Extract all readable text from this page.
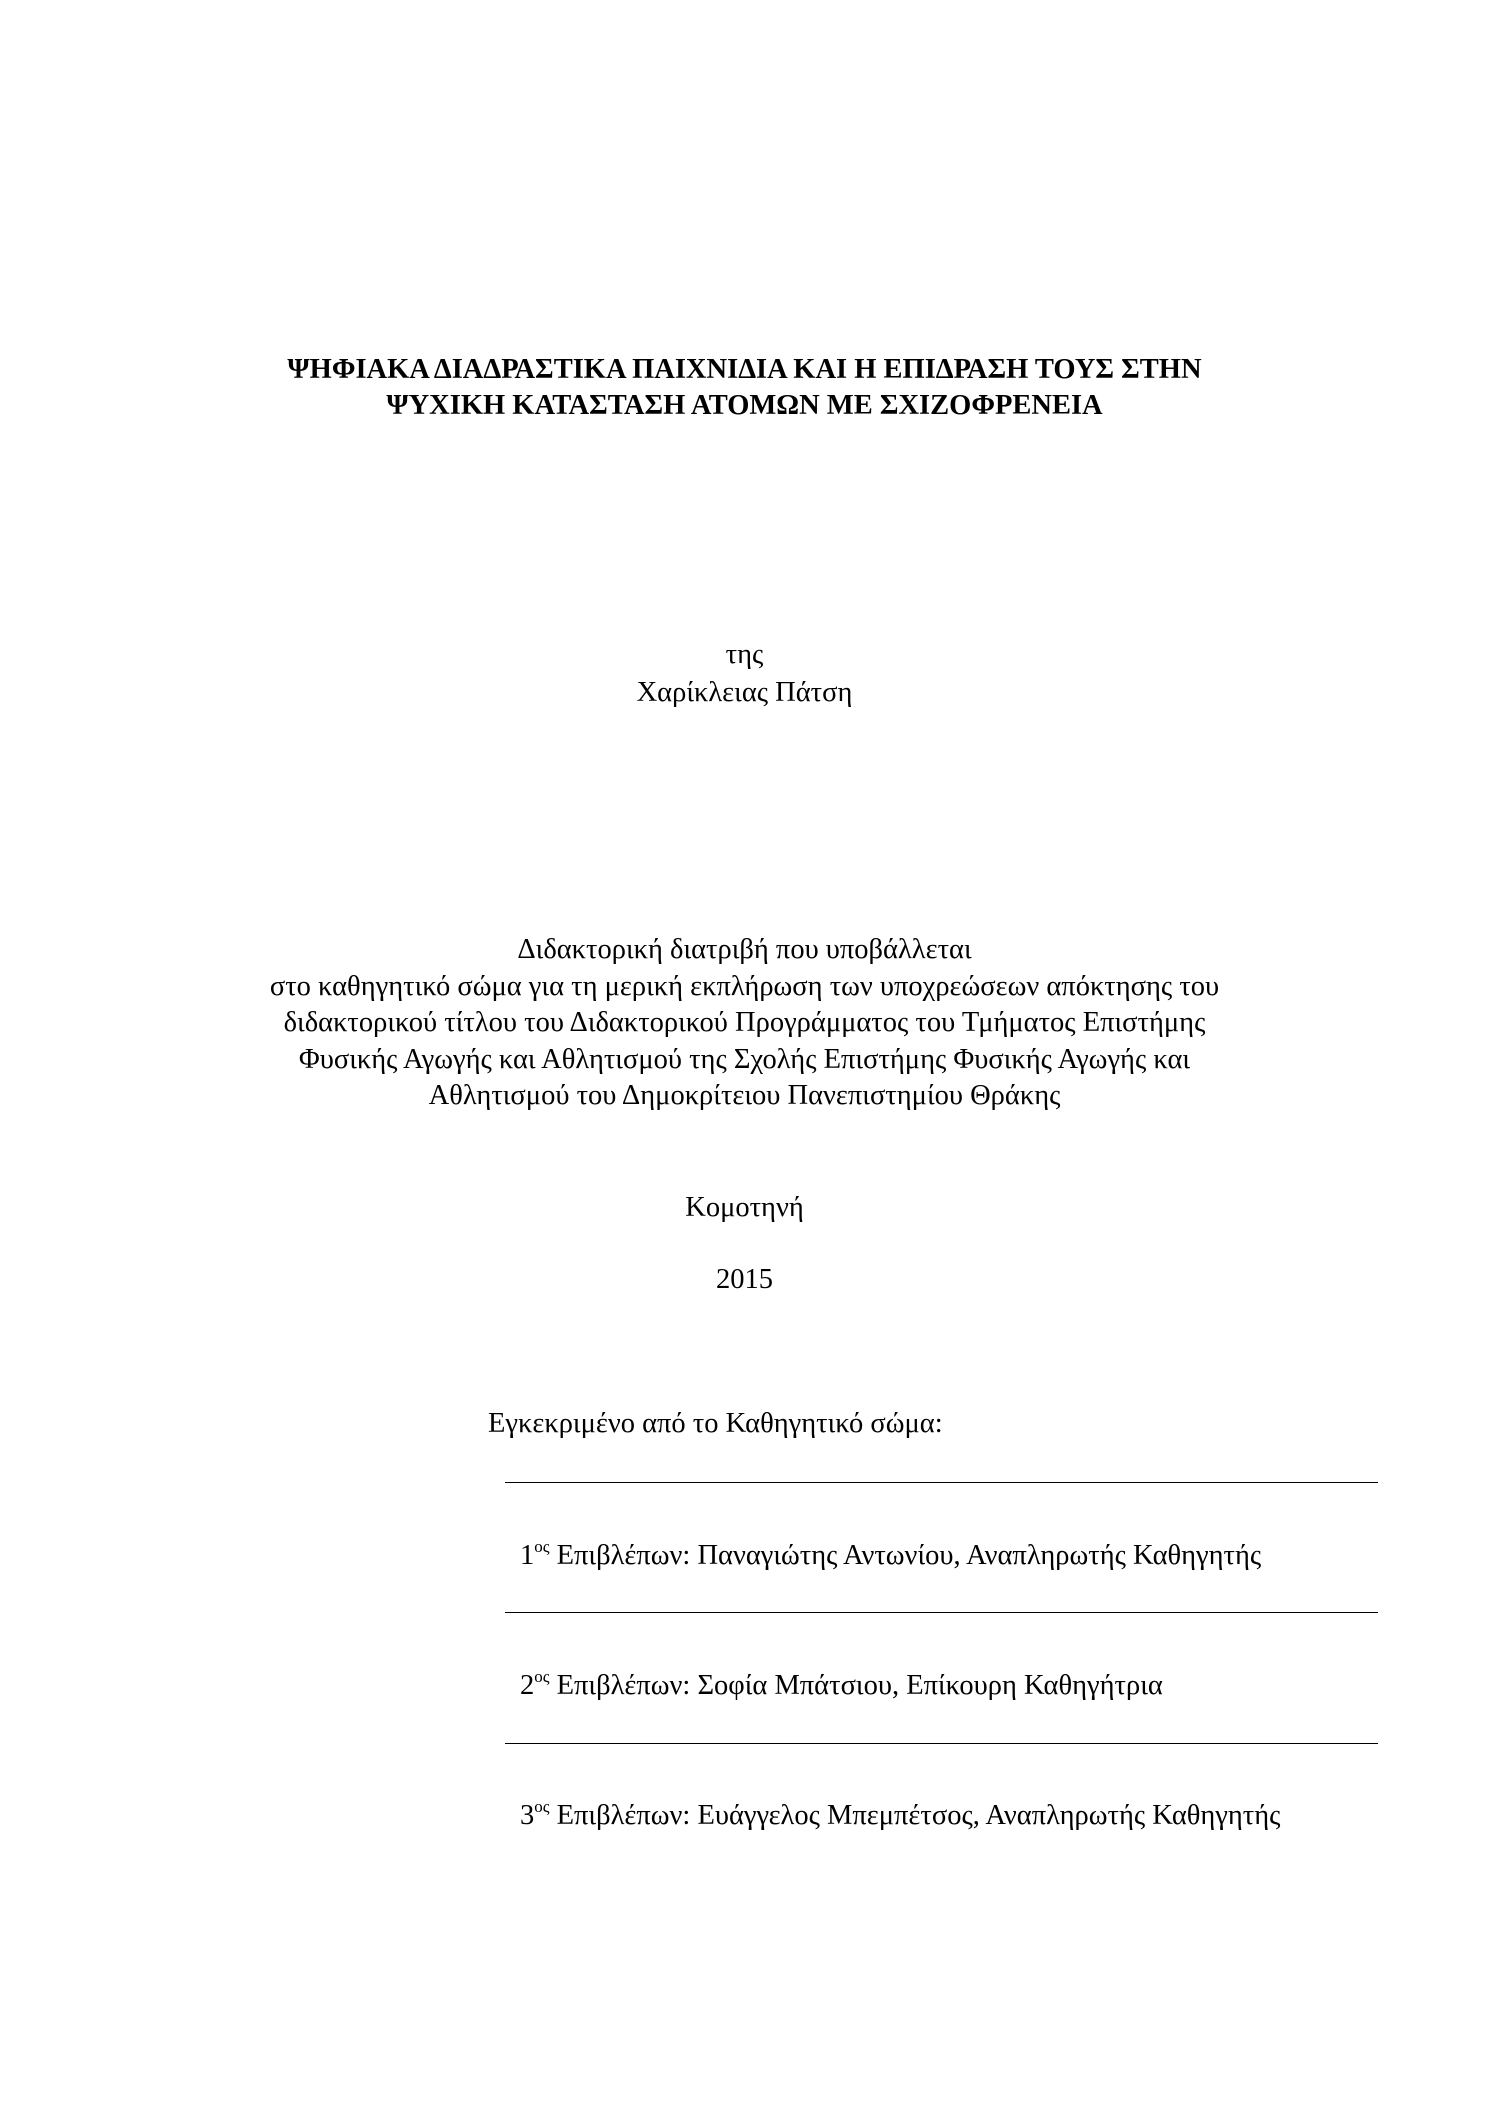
ΨΗΦΙΑΚΑ ΔΙΑΔΡΑΣΤΙΚΑ ΠΑΙΧΝΙΔΙΑ ΚΑΙ Η ΕΠΙΔΡΑΣΗ ΤΟΥΣ ΣΤΗΝ
ΨΥΧΙΚΗ ΚΑΤΑΣΤΑΣΗ ΑΤΟΜΩΝ ΜΕ ΣΧΙΖΟΦΡΕΝΕΙΑ
της
Χαρίκλειας Πάτση
Διδακτορική διατριβή που υποβάλλεται
στο καθηγητικό σώμα για τη μερική εκπλήρωση των υποχρεώσεων απόκτησης του
διδακτορικού τίτλου του Διδακτορικού Προγράμματος του Τμήματος Επιστήμης
Φυσικής Αγωγής και Αθλητισμού της Σχολής Επιστήμης Φυσικής Αγωγής και
Αθλητισμού του Δημοκρίτειου Πανεπιστημίου Θράκης
Κομοτηνή
2015
Εγκεκριμένο από το Καθηγητικό σώμα:
$1^{o\varsigma}$ Επιβλέπων: Παναγιώτης Αντωνίου, Αναπληρωτής Καθηγητής
$2^{o\varsigma}$ Επιβλέπων: Σοφία Μπάτσιου, Επίκουρη Καθηγήτρια
$3^{o\varsigma}$ Επιβλέπων: Ευάγγελος Μπεμπέτσος, Αναπληρωτής Καθηγητής
